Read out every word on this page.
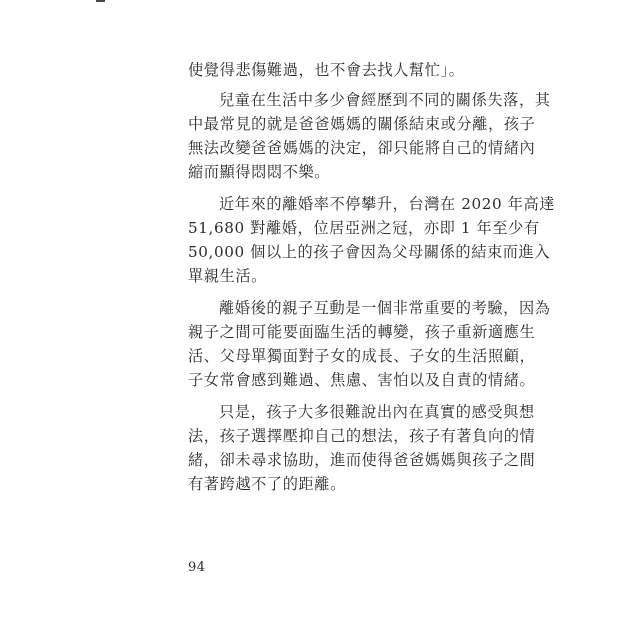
使覺得悲傷難過，也不會去找人幫忙」。
兒童在生活中多少會經歷到不同的關係失落，其
中最常見的就是爸爸媽媽的關係結束或分離，孩子
無法改變爸爸媽媽的決定，卻只能將自己的情緒內
縮而顯得悶悶不樂。
近年來的離婚率不停攀升，台灣在 2020 年高達
51,680 對離婚，位居亞洲之冠，亦即 1 年至少有
50,000 個以上的孩子會因為父母關係的結束而進入
單親生活。
離婚後的親子互動是一個非常重要的考驗，因為
親子之間可能要面臨生活的轉變，孩子重新適應生
活、父母單獨面對子女的成長、子女的生活照顧，
子女常會感到難過、焦慮、害怕以及自責的情緒。
只是，孩子大多很難說出內在真實的感受與想
法，孩子選擇壓抑自己的想法，孩子有著負向的情
緒，卻未尋求協助，進而使得爸爸媽媽與孩子之間
有著跨越不了的距離。
94
